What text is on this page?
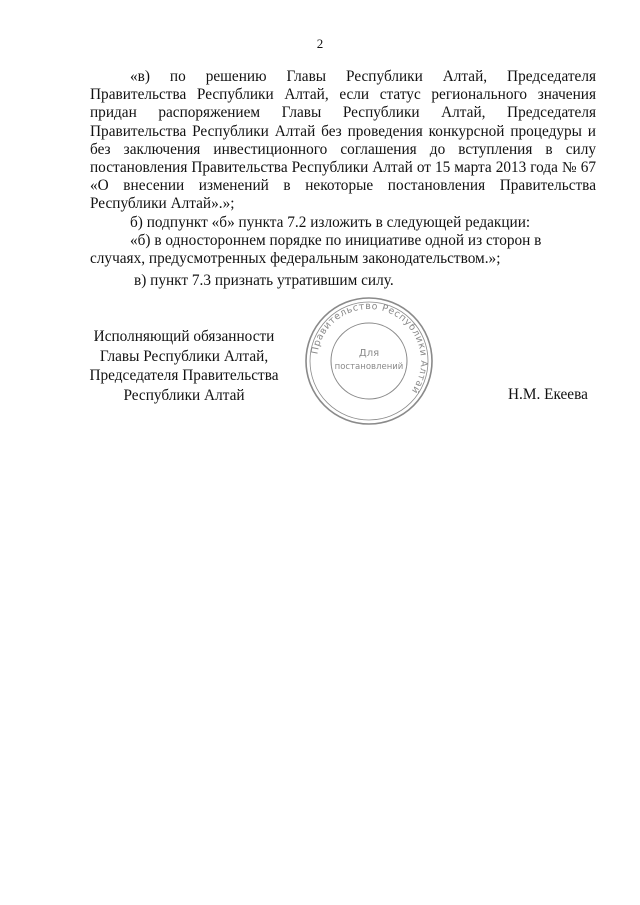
2

«в) по решению Главы Республики Алтай, Председателя Правительства Республики Алтай, если статус регионального значения придан распоряжением Главы Республики Алтай, Председателя Правительства Республики Алтай без проведения конкурсной процедуры и без заключения инвестиционного соглашения до вступления в силу постановления Правительства Республики Алтай от 15 марта 2013 года № 67 «О внесении изменений в некоторые постановления Правительства Республики Алтай».»;

б) подпункт «б» пункта 7.2 изложить в следующей редакции:

«б) в одностороннем порядке по инициативе одной из сторон в случаях, предусмотренных федеральным законодательством.»;

в) пункт 7.3 признать утратившим силу.

Исполняющий обязанности
Главы Республики Алтай,
Председателя Правительства
Республики Алтай	Н.М. Екеева
Правительство Республики Алтай
Для
постановлений
